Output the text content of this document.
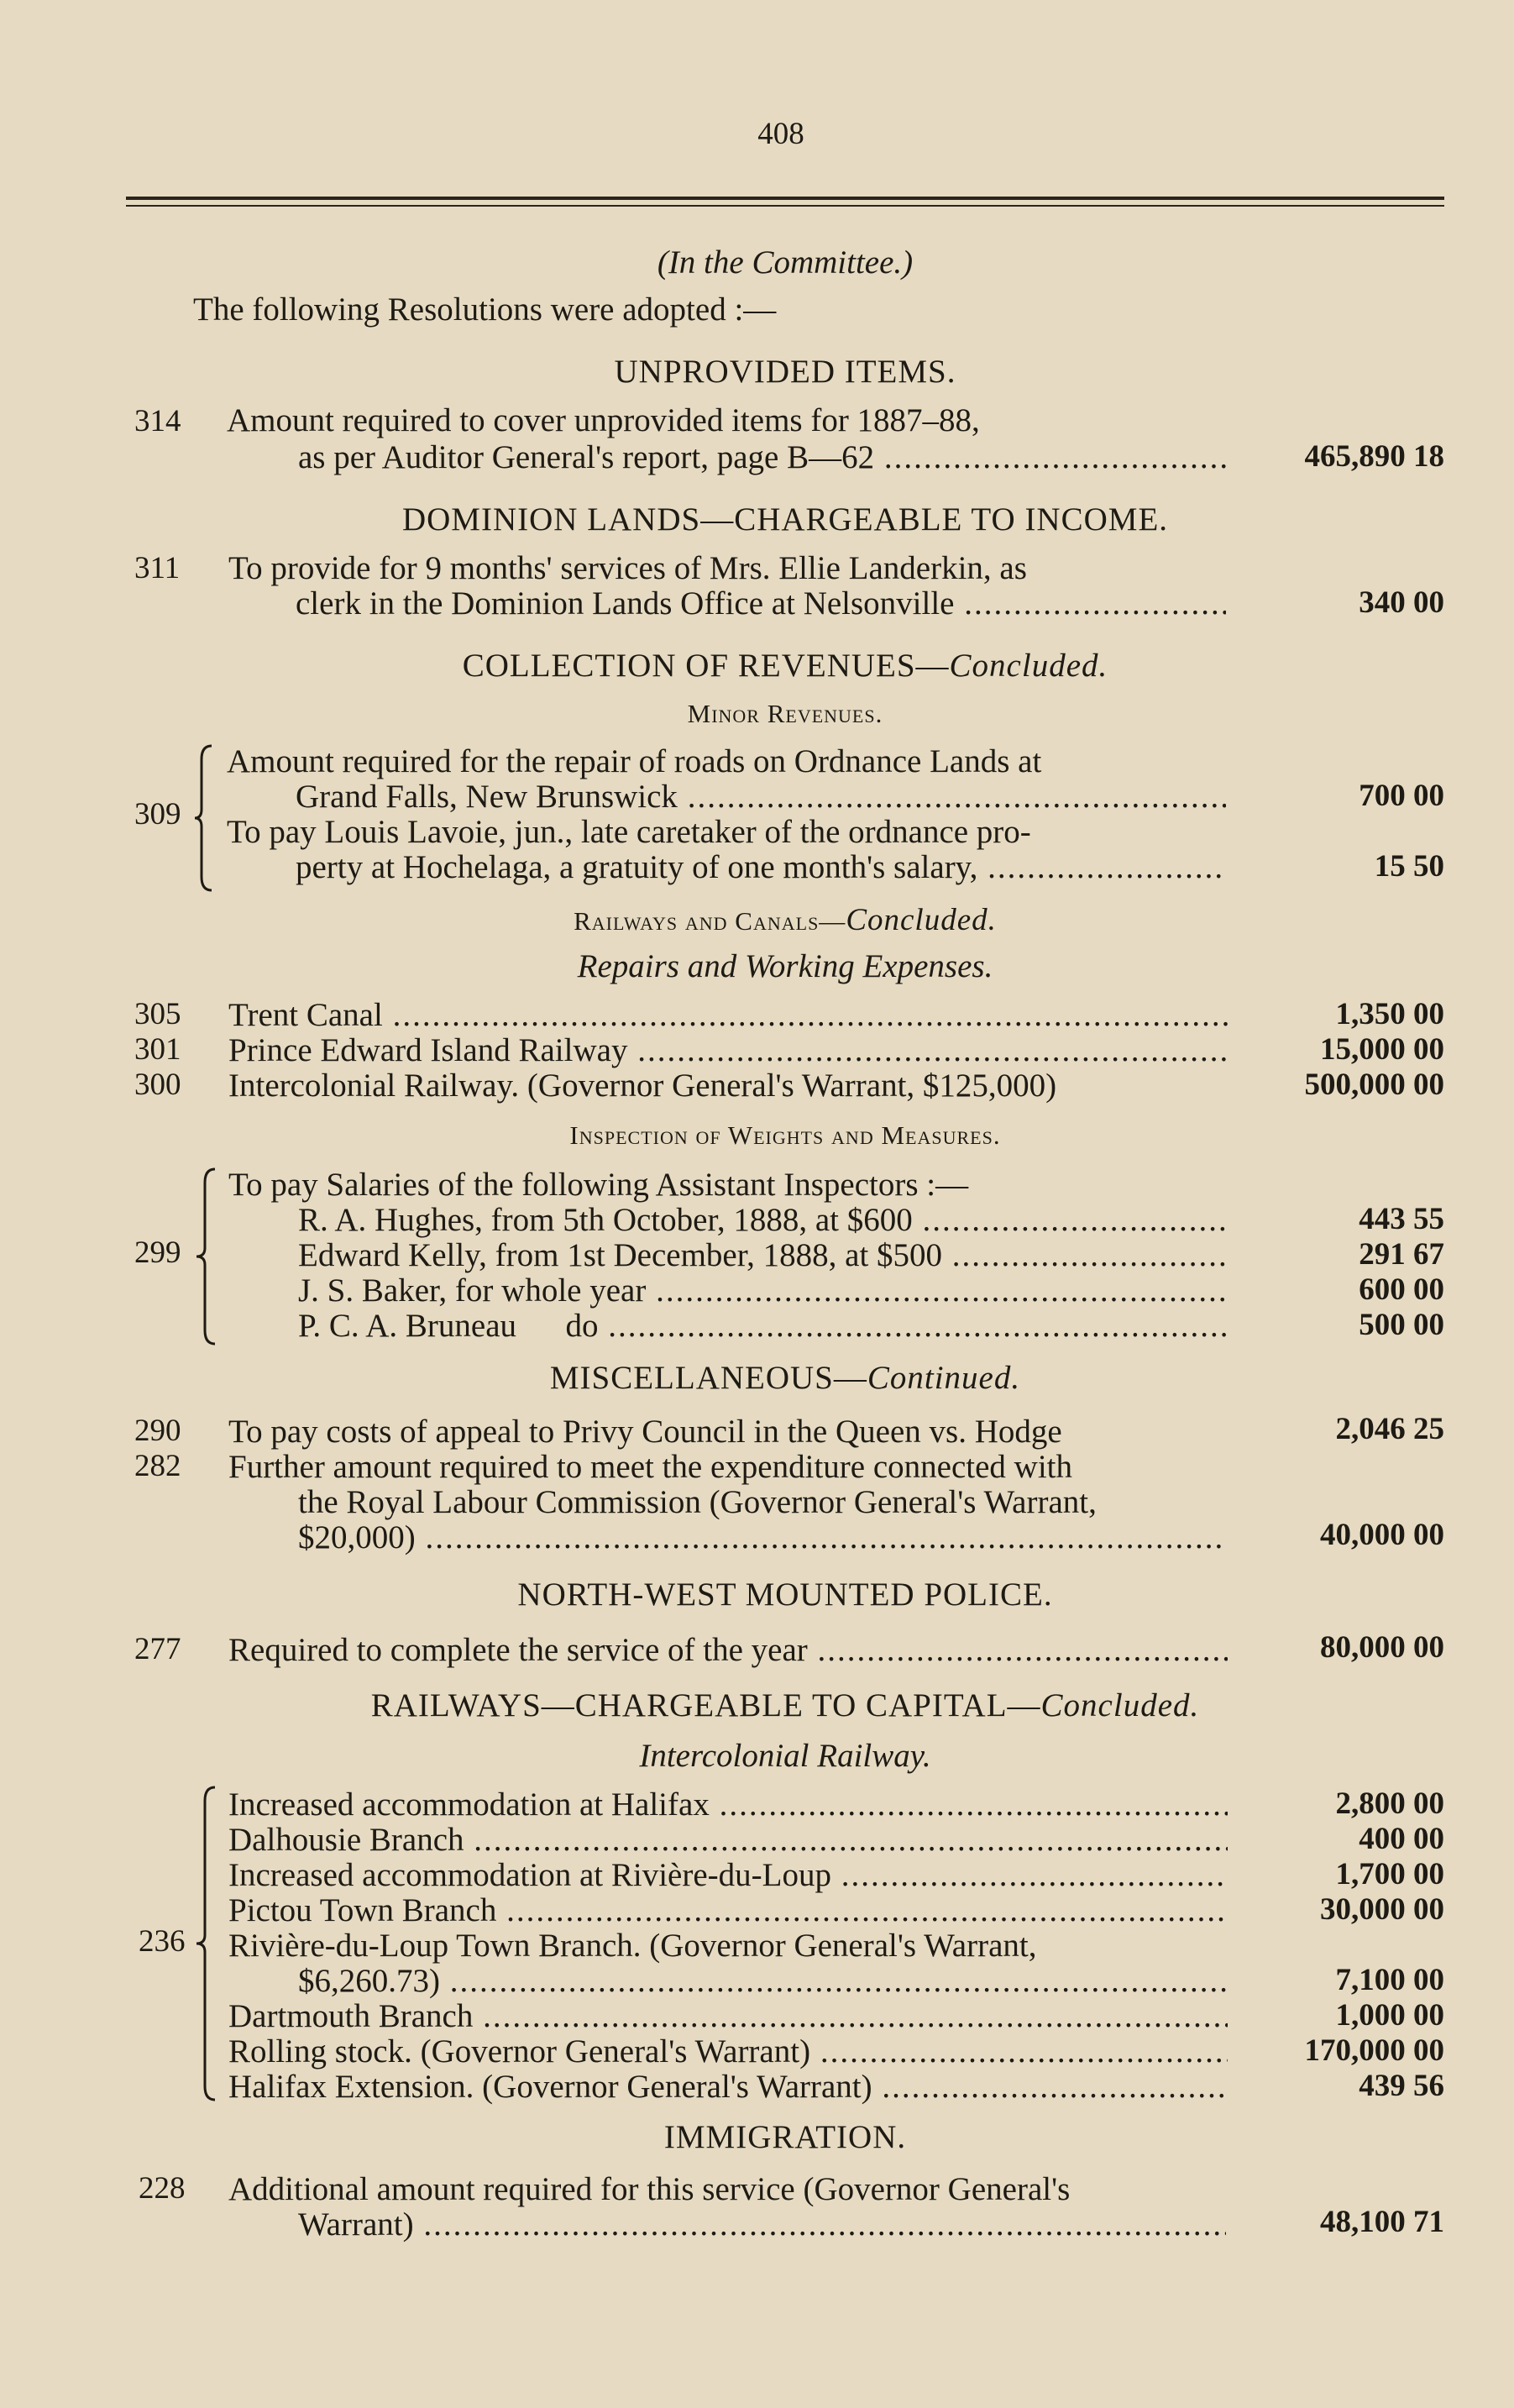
408
(In the Committee.)
The following Resolutions were adopted :—
UNPROVIDED ITEMS.
314 Amount required to cover unprovided items for 1887–88,
as per Auditor General's report, page B—62 .....	465,890 18
DOMINION LANDS—CHARGEABLE TO INCOME.
311 To provide for 9 months' services of Mrs. Ellie Landerkin, as
clerk in the Dominion Lands Office at Nelsonville .....	340 00
COLLECTION OF REVENUES—Concluded.
Minor Revenues.
309
Amount required for the repair of roads on Ordnance Lands at
Grand Falls, New Brunswick .....	700 00
To pay Louis Lavoie, jun., late caretaker of the ordnance pro-
perty at Hochelaga, a gratuity of one month's salary, .....	15 50
Railways and Canals—Concluded.
Repairs and Working Expenses.
305 Trent Canal .....	1,350 00
301 Prince Edward Island Railway .....	15,000 00
300 Intercolonial Railway. (Governor General's Warrant, $125,000)	500,000 00
Inspection of Weights and Measures.
299
To pay Salaries of the following Assistant Inspectors :—
R. A. Hughes, from 5th October, 1888, at $600 .....	443 55
Edward Kelly, from 1st December, 1888, at $500 .....	291 67
J. S. Baker, for whole year .....	600 00
P. C. A. Bruneau      do .....	500 00
MISCELLANEOUS—Continued.
290 To pay costs of appeal to Privy Council in the Queen vs. Hodge	2,046 25
282 Further amount required to meet the expenditure connected with
the Royal Labour Commission (Governor General's Warrant,
$20,000) .....	40,000 00
NORTH-WEST MOUNTED POLICE.
277 Required to complete the service of the year .....	80,000 00
RAILWAYS—CHARGEABLE TO CAPITAL—Concluded.
Intercolonial Railway.
236
Increased accommodation at Halifax .....	2,800 00
Dalhousie Branch .....	400 00
Increased accommodation at Rivière-du-Loup .....	1,700 00
Pictou Town Branch .....	30,000 00
Rivière-du-Loup Town Branch. (Governor General's Warrant,
$6,260.73) .....	7,100 00
Dartmouth Branch .....	1,000 00
Rolling stock. (Governor General's Warrant) .....	170,000 00
Halifax Extension. (Governor General's Warrant) .....	439 56
IMMIGRATION.
228 Additional amount required for this service (Governor General's
Warrant) .....	48,100 71
